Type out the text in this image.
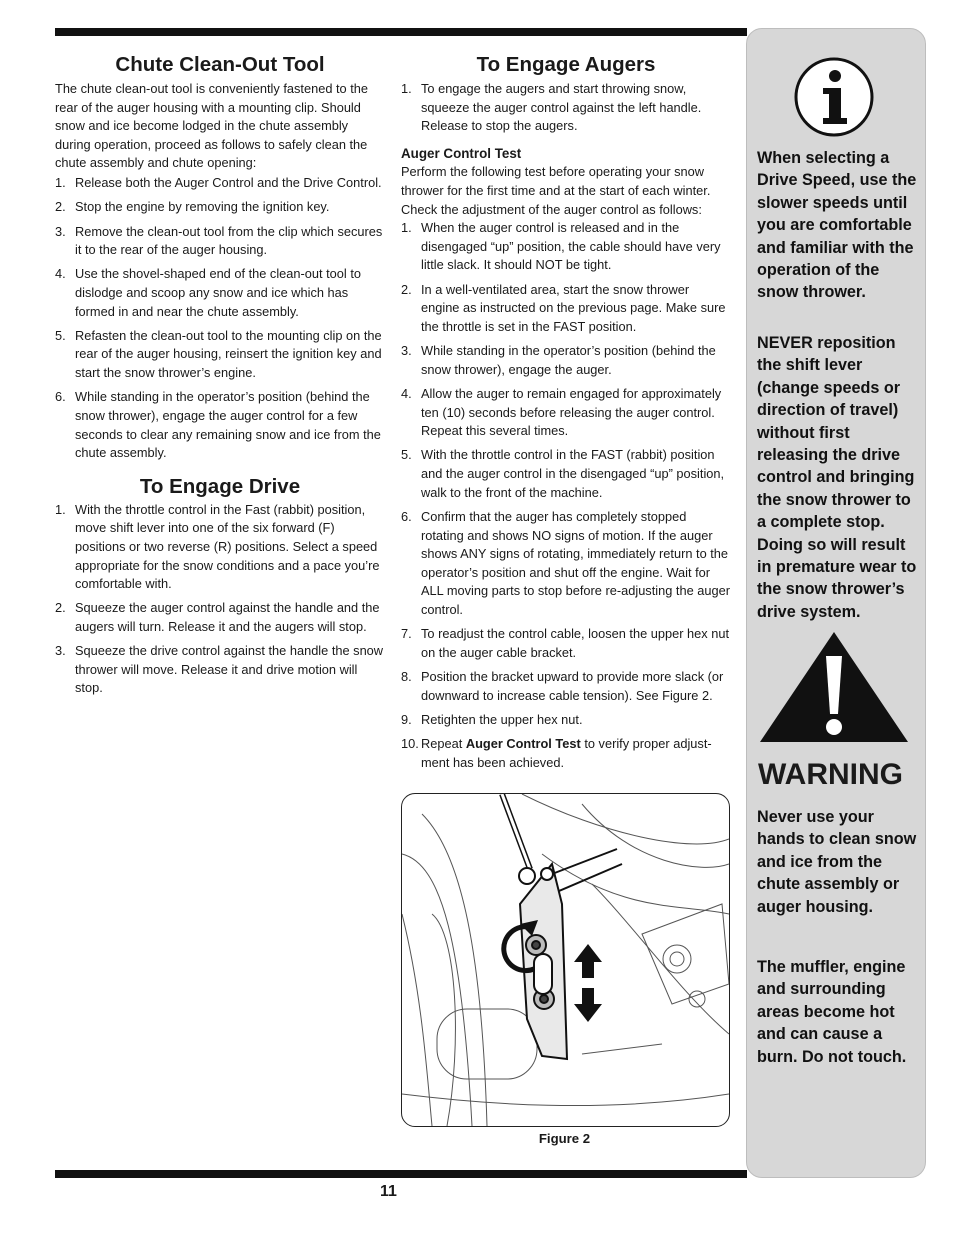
Chute Clean-Out Tool

The chute clean-out tool is conveniently fastened to the rear of the auger housing with a mounting clip. Should snow and ice become lodged in the chute assembly during operation, proceed as follows to safely clean the chute assembly and chute opening:

1. Release both the Auger Control and the Drive Control.
2. Stop the engine by removing the ignition key.
3. Remove the clean-out tool from the clip which secures it to the rear of the auger housing.
4. Use the shovel-shaped end of the clean-out tool to dislodge and scoop any snow and ice which has formed in and near the chute assembly.
5. Refasten the clean-out tool to the mounting clip on the rear of the auger housing, reinsert the ignition key and start the snow thrower’s engine.
6. While standing in the operator’s position (behind the snow thrower), engage the auger control for a few seconds to clear any remaining snow and ice from the chute assembly.
To Engage Drive
1. With the throttle control in the Fast (rabbit) position, move shift lever into one of the six forward (F) positions or two reverse (R) positions. Select a speed appropriate for the snow conditions and a pace you’re comfortable with.
2. Squeeze the auger control against the handle and the augers will turn. Release it and the augers will stop.
3. Squeeze the drive control against the handle the snow thrower will move. Release it and drive motion will stop.
To Engage Augers
1. To engage the augers and start throwing snow, squeeze the auger control against the left handle. Release to stop the augers.
Auger Control Test

Perform the following test before operating your snow thrower for the first time and at the start of each winter. Check the adjustment of the auger control as follows:

1. When the auger control is released and in the disengaged “up” position, the cable should have very little slack. It should NOT be tight.
2. In a well-ventilated area, start the snow thrower engine as instructed on the previous page. Make sure the throttle is set in the FAST position.
3. While standing in the operator’s position (behind the snow thrower), engage the auger.
4. Allow the auger to remain engaged for approximately ten (10) seconds before releasing the auger control. Repeat this several times.
5. With the throttle control in the FAST (rabbit) position and the auger control in the disengaged “up” position, walk to the front of the machine.
6. Confirm that the auger has completely stopped rotating and shows NO signs of motion. If the auger shows ANY signs of rotating, immediately return to the operator’s position and shut off the engine. Wait for ALL moving parts to stop before re-adjusting the auger control.
7. To readjust the control cable, loosen the upper hex nut on the auger cable bracket.
8. Position the bracket upward to provide more slack (or downward to increase cable tension). See Figure 2.
9. Retighten the upper hex nut.
10. Repeat Auger Control Test to verify proper adjust-ment has been achieved.
Figure 2
When selecting a Drive Speed, use the slower speeds until you are comfortable and familiar with the operation of the snow thrower.
NEVER reposition the shift lever (change speeds or direction of travel) without first releasing the drive control and bringing the snow thrower to a complete stop. Doing so will result in premature wear to the snow thrower’s drive system.
WARNING
Never use your hands to clean snow and ice from the chute assembly or auger housing.
The muffler, engine and surrounding areas become hot and can cause a burn. Do not touch.
11
